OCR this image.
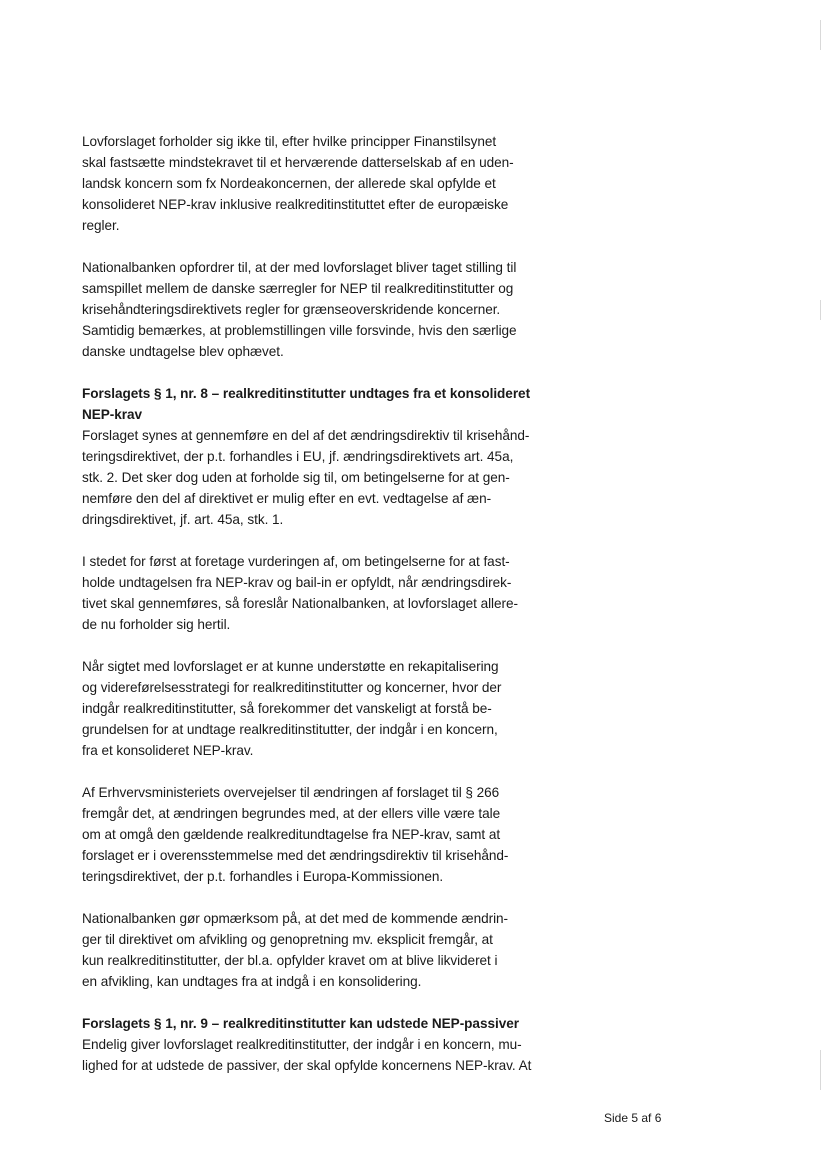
Lovforslaget forholder sig ikke til, efter hvilke principper Finanstilsynet
skal fastsætte mindstekravet til et herværende datterselskab af en uden-
landsk koncern som fx Nordeakoncernen, der allerede skal opfylde et
konsolideret NEP-krav inklusive realkreditinstituttet efter de europæiske
regler.
Nationalbanken opfordrer til, at der med lovforslaget bliver taget stilling til
samspillet mellem de danske særregler for NEP til realkreditinstitutter og
krisehåndteringsdirektivets regler for grænseoverskridende koncerner.
Samtidig bemærkes, at problemstillingen ville forsvinde, hvis den særlige
danske undtagelse blev ophævet.
Forslagets § 1, nr. 8 – realkreditinstitutter undtages fra et konsolideret
NEP-krav
Forslaget synes at gennemføre en del af det ændringsdirektiv til krisehånd-
teringsdirektivet, der p.t. forhandles i EU, jf. ændringsdirektivets art. 45a,
stk. 2. Det sker dog uden at forholde sig til, om betingelserne for at gen-
nemføre den del af direktivet er mulig efter en evt. vedtagelse af æn-
dringsdirektivet, jf. art. 45a, stk. 1.
I stedet for først at foretage vurderingen af, om betingelserne for at fast-
holde undtagelsen fra NEP-krav og bail-in er opfyldt, når ændringsdirek-
tivet skal gennemføres, så foreslår Nationalbanken, at lovforslaget allere-
de nu forholder sig hertil.
Når sigtet med lovforslaget er at kunne understøtte en rekapitalisering
og videreførelsesstrategi for realkreditinstitutter og koncerner, hvor der
indgår realkreditinstitutter, så forekommer det vanskeligt at forstå be-
grundelsen for at undtage realkreditinstitutter, der indgår i en koncern,
fra et konsolideret NEP-krav.
Af Erhvervsministeriets overvejelser til ændringen af forslaget til § 266
fremgår det, at ændringen begrundes med, at der ellers ville være tale
om at omgå den gældende realkreditundtagelse fra NEP-krav, samt at
forslaget er i overensstemmelse med det ændringsdirektiv til krisehånd-
teringsdirektivet, der p.t. forhandles i Europa-Kommissionen.
Nationalbanken gør opmærksom på, at det med de kommende ændrin-
ger til direktivet om afvikling og genopretning mv. eksplicit fremgår, at
kun realkreditinstitutter, der bl.a. opfylder kravet om at blive likvideret i
en afvikling, kan undtages fra at indgå i en konsolidering.
Forslagets § 1, nr. 9 – realkreditinstitutter kan udstede NEP-passiver
Endelig giver lovforslaget realkreditinstitutter, der indgår i en koncern, mu-
lighed for at udstede de passiver, der skal opfylde koncernens NEP-krav. At
Side 5 af 6
